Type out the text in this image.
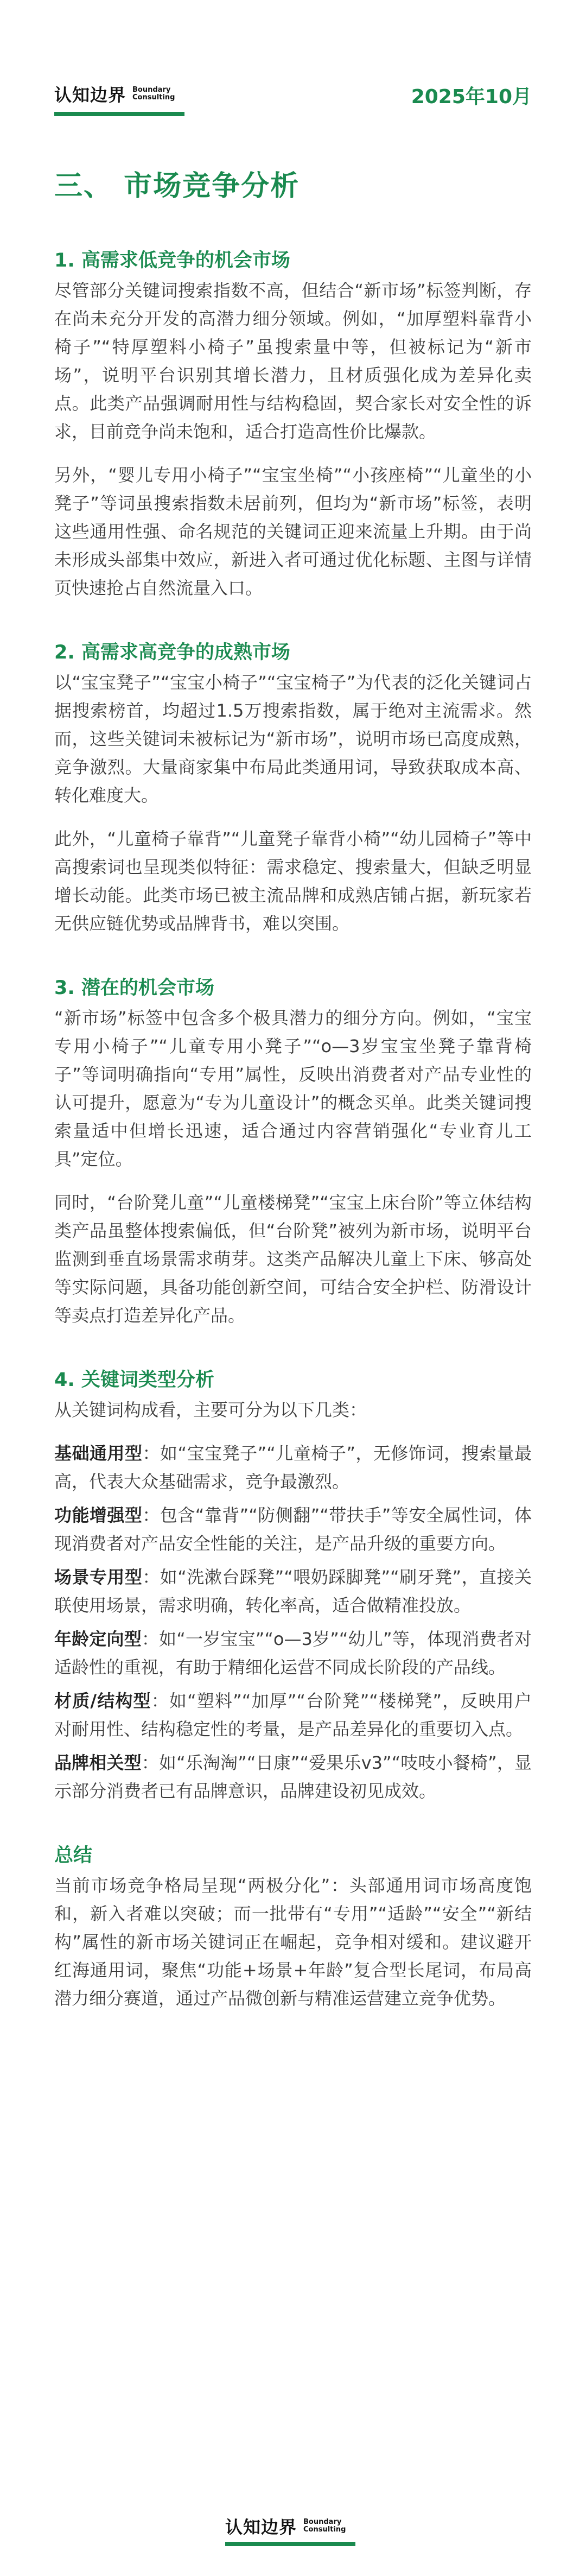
认知边界 Boundary
Consulting	2025年10月
三、 市场竞争分析
1. 高需求低竞争的机会市场

尽管部分关键词搜索指数不高，但结合“新市场”标签判断，存在尚未充分开发的高潜力细分领域。例如，“加厚塑料靠背小椅子”“特厚塑料小椅子”虽搜索量中等，但被标记为“新市场”，说明平台识别其增长潜力，且材质强化成为差异化卖点。此类产品强调耐用性与结构稳固，契合家长对安全性的诉求，目前竞争尚未饱和，适合打造高性价比爆款。

另外，“婴儿专用小椅子”“宝宝坐椅”“小孩座椅”“儿童坐的小凳子”等词虽搜索指数未居前列，但均为“新市场”标签，表明这些通用性强、命名规范的关键词正迎来流量上升期。由于尚未形成头部集中效应，新进入者可通过优化标题、主图与详情页快速抢占自然流量入口。

2. 高需求高竞争的成熟市场

以“宝宝凳子”“宝宝小椅子”“宝宝椅子”为代表的泛化关键词占据搜索榜首，均超过1.5万搜索指数，属于绝对主流需求。然而，这些关键词未被标记为“新市场”，说明市场已高度成熟，竞争激烈。大量商家集中布局此类通用词，导致获取成本高、转化难度大。

此外，“儿童椅子靠背”“儿童凳子靠背小椅”“幼儿园椅子”等中高搜索词也呈现类似特征：需求稳定、搜索量大，但缺乏明显增长动能。此类市场已被主流品牌和成熟店铺占据，新玩家若无供应链优势或品牌背书，难以突围。

3. 潜在的机会市场

“新市场”标签中包含多个极具潜力的细分方向。例如，“宝宝专用小椅子”“儿童专用小凳子”“o—3岁宝宝坐凳子靠背椅子”等词明确指向“专用”属性，反映出消费者对产品专业性的认可提升，愿意为“专为儿童设计”的概念买单。此类关键词搜索量适中但增长迅速，适合通过内容营销强化“专业育儿工具”定位。

同时，“台阶凳儿童”“儿童楼梯凳”“宝宝上床台阶”等立体结构类产品虽整体搜索偏低，但“台阶凳”被列为新市场，说明平台监测到垂直场景需求萌芽。这类产品解决儿童上下床、够高处等实际问题，具备功能创新空间，可结合安全护栏、防滑设计等卖点打造差异化产品。

4. 关键词类型分析

从关键词构成看，主要可分为以下几类：

基础通用型：如“宝宝凳子”“儿童椅子”，无修饰词，搜索量最高，代表大众基础需求，竞争最激烈。

功能增强型：包含“靠背”“防侧翻”“带扶手”等安全属性词，体现消费者对产品安全性能的关注，是产品升级的重要方向。

场景专用型：如“洗漱台踩凳”“喂奶踩脚凳”“刷牙凳”，直接关联使用场景，需求明确，转化率高，适合做精准投放。

年龄定向型：如“一岁宝宝”“o—3岁”“幼儿”等，体现消费者对适龄性的重视，有助于精细化运营不同成长阶段的产品线。

材质/结构型：如“塑料”“加厚”“台阶凳”“楼梯凳”，反映用户对耐用性、结构稳定性的考量，是产品差异化的重要切入点。

品牌相关型：如“乐淘淘”“日康”“爱果乐v3”“吱吱小餐椅”，显示部分消费者已有品牌意识，品牌建设初见成效。

总结

当前市场竞争格局呈现“两极分化”：头部通用词市场高度饱和，新入者难以突破；而一批带有“专用”“适龄”“安全”“新结构”属性的新市场关键词正在崛起，竞争相对缓和。建议避开红海通用词，聚焦“功能+场景+年龄”复合型长尾词，布局高潜力细分赛道，通过产品微创新与精准运营建立竞争优势。

认知边界 Boundary
Consulting
